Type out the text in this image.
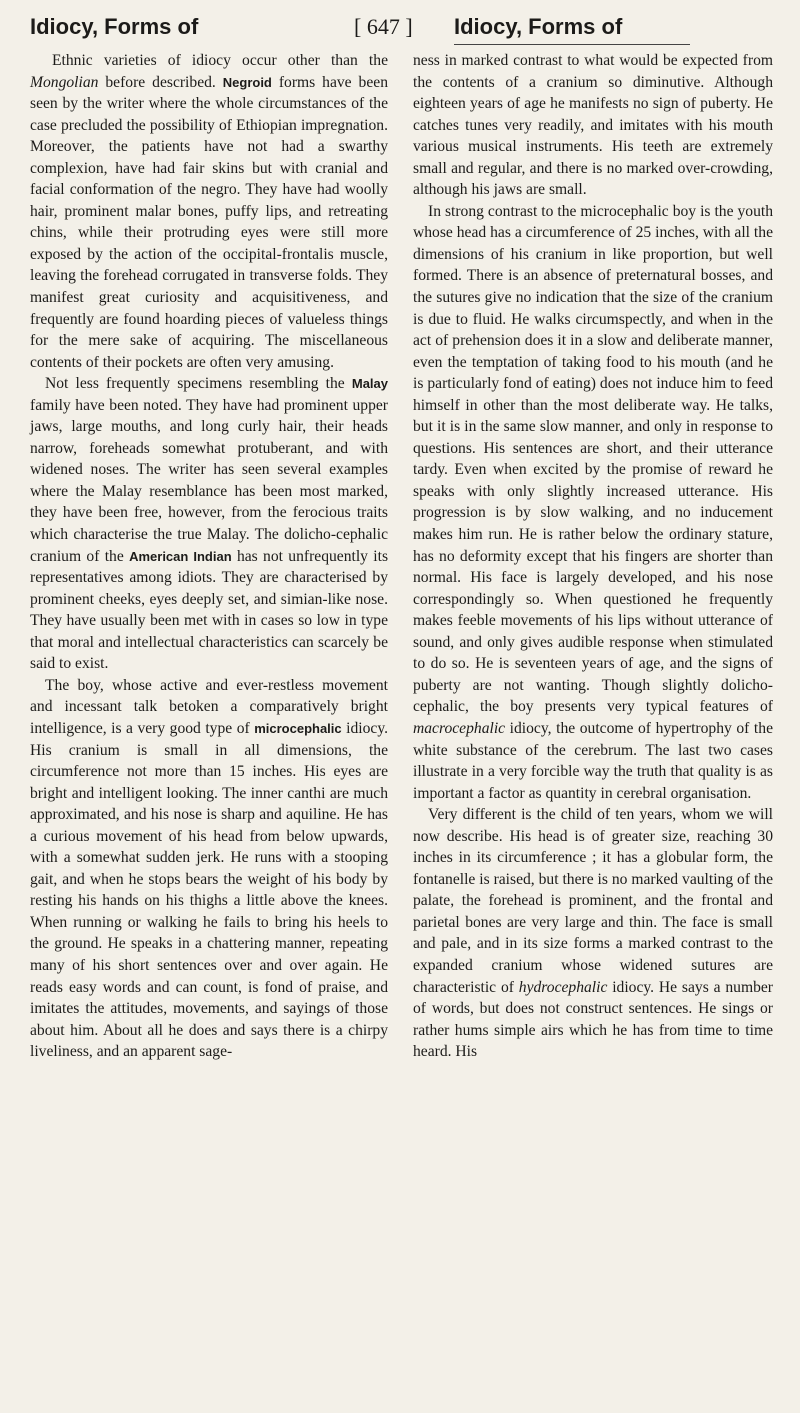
Idiocy, Forms of	[ 647 ] Idiocy, Forms of

Ethnic varieties of idiocy occur other than the Mongolian before described. Negroid forms have been seen by the writer where the whole circumstances of the case precluded the possibility of Ethiopian impregnation. Moreover, the patients have not had a swarthy complexion, have had fair skins but with cranial and facial conformation of the negro. They have had woolly hair, prominent malar bones, puffy lips, and retreating chins, while their protruding eyes were still more exposed by the action of the occipital-frontalis muscle, leaving the forehead corrugated in transverse folds. They manifest great curiosity and acquisitiveness, and frequently are found hoarding pieces of valueless things for the mere sake of acquiring. The miscellaneous contents of their pockets are often very amusing.

Not less frequently specimens resembling the Malay family have been noted. They have had prominent upper jaws, large mouths, and long curly hair, their heads narrow, foreheads somewhat protuberant, and with widened noses. The writer has seen several examples where the Malay resemblance has been most marked, they have been free, however, from the ferocious traits which characterise the true Malay. The dolicho-cephalic cranium of the American Indian has not unfrequently its representatives among idiots. They are characterised by prominent cheeks, eyes deeply set, and simian-like nose. They have usually been met with in cases so low in type that moral and intellectual characteristics can scarcely be said to exist.

The boy, whose active and ever-restless movement and incessant talk betoken a comparatively bright intelligence, is a very good type of microcephalic idiocy. His cranium is small in all dimensions, the circumference not more than 15 inches. His eyes are bright and intelligent looking. The inner canthi are much approximated, and his nose is sharp and aquiline. He has a curious movement of his head from below upwards, with a somewhat sudden jerk. He runs with a stooping gait, and when he stops bears the weight of his body by resting his hands on his thighs a little above the knees. When running or walking he fails to bring his heels to the ground. He speaks in a chattering manner, repeating many of his short sentences over and over again. He reads easy words and can count, is fond of praise, and imitates the attitudes, movements, and sayings of those about him. About all he does and says there is a chirpy liveliness, and an apparent sage-

ness in marked contrast to what would be expected from the contents of a cranium so diminutive. Although eighteen years of age he manifests no sign of puberty. He catches tunes very readily, and imitates with his mouth various musical instruments. His teeth are extremely small and regular, and there is no marked over-crowding, although his jaws are small.

In strong contrast to the microcephalic boy is the youth whose head has a circumference of 25 inches, with all the dimensions of his cranium in like proportion, but well formed. There is an absence of preternatural bosses, and the sutures give no indication that the size of the cranium is due to fluid. He walks circumspectly, and when in the act of prehension does it in a slow and deliberate manner, even the temptation of taking food to his mouth (and he is particularly fond of eating) does not induce him to feed himself in other than the most deliberate way. He talks, but it is in the same slow manner, and only in response to questions. His sentences are short, and their utterance tardy. Even when excited by the promise of reward he speaks with only slightly increased utterance. His progression is by slow walking, and no inducement makes him run. He is rather below the ordinary stature, has no deformity except that his fingers are shorter than normal. His face is largely developed, and his nose correspondingly so. When questioned he frequently makes feeble movements of his lips without utterance of sound, and only gives audible response when stimulated to do so. He is seventeen years of age, and the signs of puberty are not wanting. Though slightly dolicho-cephalic, the boy presents very typical features of macrocephalic idiocy, the outcome of hypertrophy of the white substance of the cerebrum. The last two cases illustrate in a very forcible way the truth that quality is as important a factor as quantity in cerebral organisation.

Very different is the child of ten years, whom we will now describe. His head is of greater size, reaching 30 inches in its circumference ; it has a globular form, the fontanelle is raised, but there is no marked vaulting of the palate, the forehead is prominent, and the frontal and parietal bones are very large and thin. The face is small and pale, and in its size forms a marked contrast to the expanded cranium whose widened sutures are characteristic of hydrocephalic idiocy. He says a number of words, but does not construct sentences. He sings or rather hums simple airs which he has from time to time heard. His
